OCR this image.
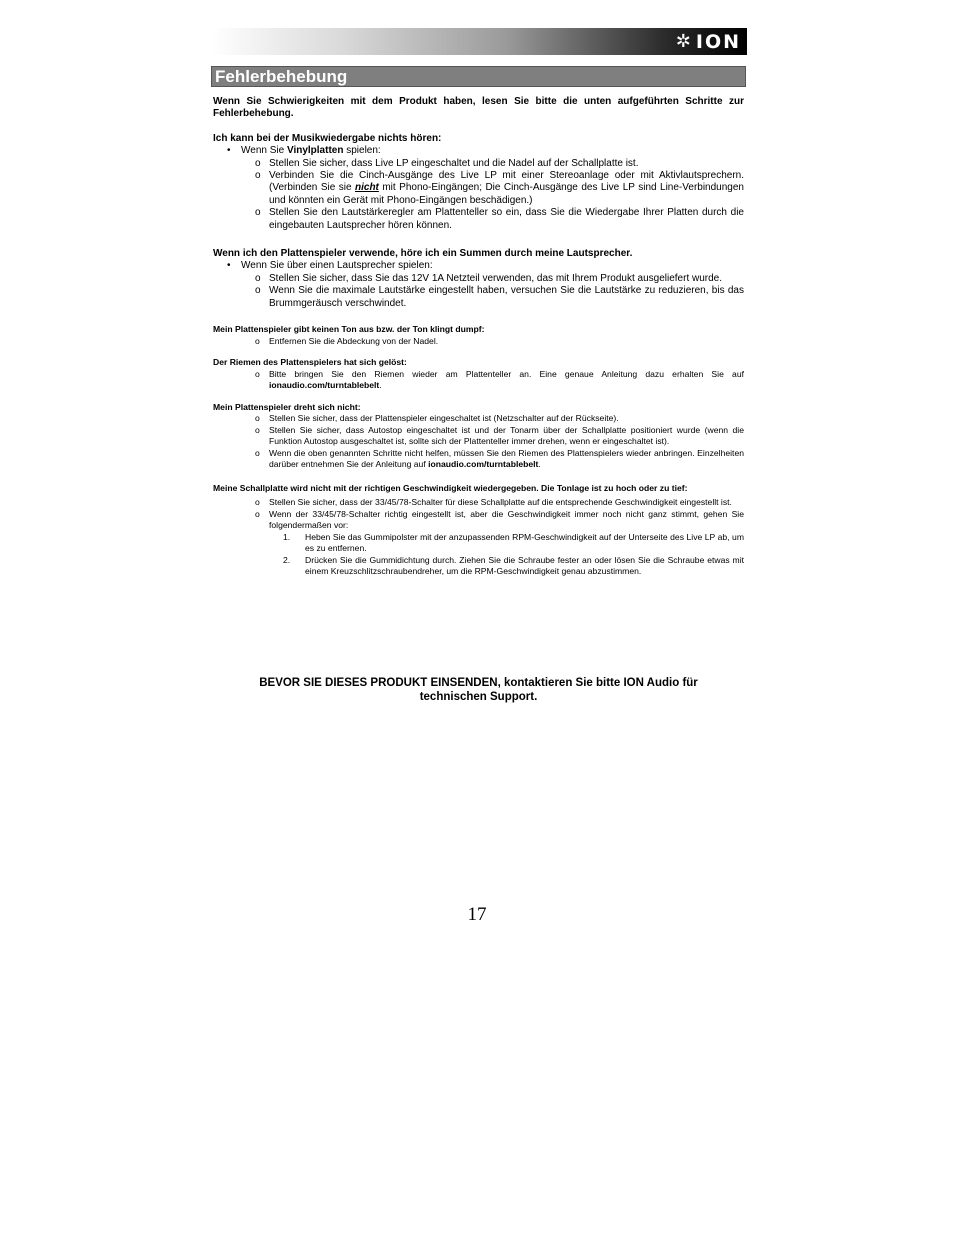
✲ ION
Fehlerbehebung

Wenn Sie Schwierigkeiten mit dem Produkt haben, lesen Sie bitte die unten aufgeführten Schritte zur Fehlerbehebung.

Ich kann bei der Musikwiedergabe nichts hören:

• Wenn Sie Vinylplatten spielen:
o Stellen Sie sicher, dass Live LP eingeschaltet und die Nadel auf der Schallplatte ist.
o Verbinden Sie die Cinch-Ausgänge des Live LP mit einer Stereoanlage oder mit Aktivlautsprechern. (Verbinden Sie sie nicht mit Phono-Eingängen; Die Cinch-Ausgänge des Live LP sind Line-Verbindungen und könnten ein Gerät mit Phono-Eingängen beschädigen.)
o Stellen Sie den Lautstärkeregler am Plattenteller so ein, dass Sie die Wiedergabe Ihrer Platten durch die eingebauten Lautsprecher hören können.

Wenn ich den Plattenspieler verwende, höre ich ein Summen durch meine Lautsprecher.

• Wenn Sie über einen Lautsprecher spielen:
o Stellen Sie sicher, dass Sie das 12V 1A Netzteil verwenden, das mit Ihrem Produkt ausgeliefert wurde.
o Wenn Sie die maximale Lautstärke eingestellt haben, versuchen Sie die Lautstärke zu reduzieren, bis das Brummgeräusch verschwindet.

Mein Plattenspieler gibt keinen Ton aus bzw. der Ton klingt dumpf:

o Entfernen Sie die Abdeckung von der Nadel.

Der Riemen des Plattenspielers hat sich gelöst:

o Bitte bringen Sie den Riemen wieder am Plattenteller an. Eine genaue Anleitung dazu erhalten Sie auf ionaudio.com/turntablebelt.

Mein Plattenspieler dreht sich nicht:

o Stellen Sie sicher, dass der Plattenspieler eingeschaltet ist (Netzschalter auf der Rückseite).
o Stellen Sie sicher, dass Autostop eingeschaltet ist und der Tonarm über der Schallplatte positioniert wurde (wenn die Funktion Autostop ausgeschaltet ist, sollte sich der Plattenteller immer drehen, wenn er eingeschaltet ist).
o Wenn die oben genannten Schritte nicht helfen, müssen Sie den Riemen des Plattenspielers wieder anbringen. Einzelheiten darüber entnehmen Sie der Anleitung auf ionaudio.com/turntablebelt.

Meine Schallplatte wird nicht mit der richtigen Geschwindigkeit wiedergegeben. Die Tonlage ist zu hoch oder zu tief:

o Stellen Sie sicher, dass der 33/45/78-Schalter für diese Schallplatte auf die entsprechende Geschwindigkeit eingestellt ist.
o Wenn der 33/45/78-Schalter richtig eingestellt ist, aber die Geschwindigkeit immer noch nicht ganz stimmt, gehen Sie folgendermaßen vor:
1. Heben Sie das Gummipolster mit der anzupassenden RPM-Geschwindigkeit auf der Unterseite des Live LP ab, um es zu entfernen.
2. Drücken Sie die Gummidichtung durch. Ziehen Sie die Schraube fester an oder lösen Sie die Schraube etwas mit einem Kreuzschlitzschraubendreher, um die RPM-Geschwindigkeit genau abzustimmen.
BEVOR SIE DIESES PRODUKT EINSENDEN, kontaktieren Sie bitte ION Audio für
technischen Support.
17
